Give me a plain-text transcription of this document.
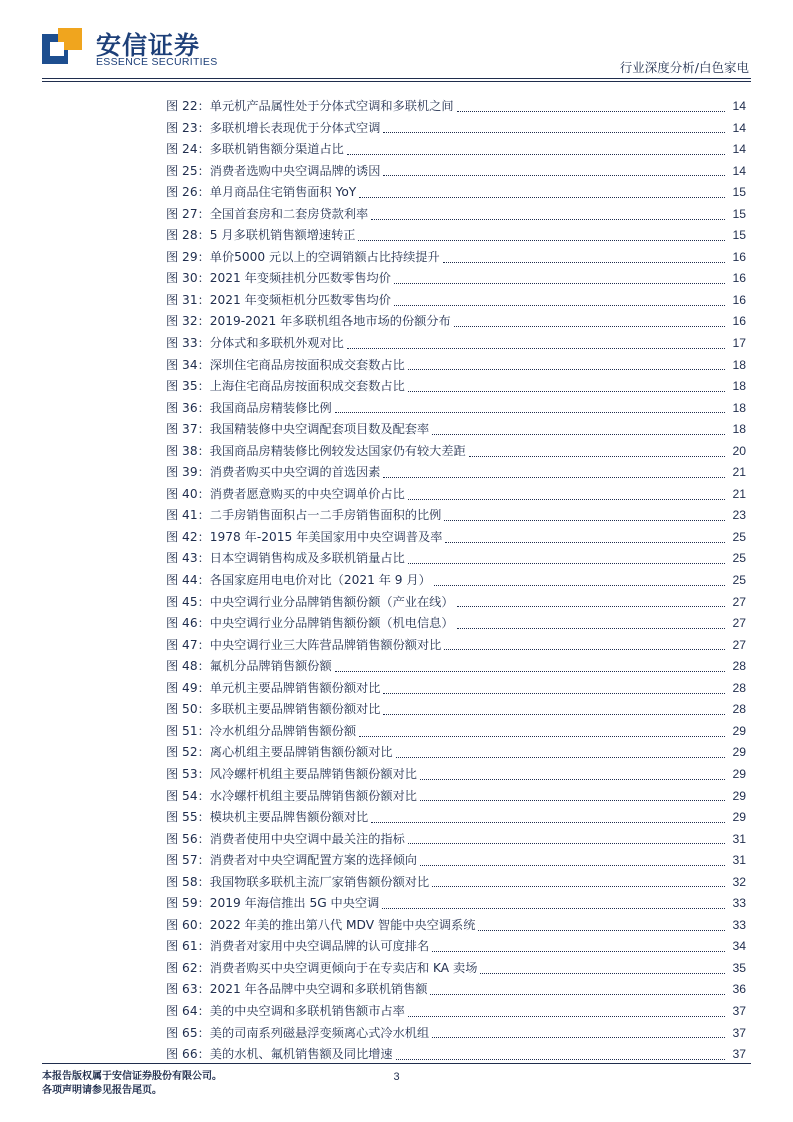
安信证券
ESSENCE SECURITIES	行业深度分析/白色家电
图 22： 单元机产品属性处于分体式空调和多联机之间	14
图 23： 多联机增长表现优于分体式空调	14
图 24： 多联机销售额分渠道占比	14
图 25： 消费者选购中央空调品牌的诱因	14
图 26： 单月商品住宅销售面积 YoY	15
图 27： 全国首套房和二套房贷款利率	15
图 28： 5 月多联机销售额增速转正	15
图 29： 单价5000 元以上的空调销额占比持续提升	16
图 30： 2021 年变频挂机分匹数零售均价	16
图 31： 2021 年变频柜机分匹数零售均价	16
图 32： 2019-2021 年多联机组各地市场的份额分布	16
图 33： 分体式和多联机外观对比	17
图 34： 深圳住宅商品房按面积成交套数占比	18
图 35： 上海住宅商品房按面积成交套数占比	18
图 36： 我国商品房精装修比例	18
图 37： 我国精装修中央空调配套项目数及配套率	18
图 38： 我国商品房精装修比例较发达国家仍有较大差距	20
图 39： 消费者购买中央空调的首选因素	21
图 40： 消费者愿意购买的中央空调单价占比	21
图 41： 二手房销售面积占一二手房销售面积的比例	23
图 42： 1978 年-2015 年美国家用中央空调普及率	25
图 43： 日本空调销售构成及多联机销量占比	25
图 44： 各国家庭用电电价对比（2021 年 9 月）	25
图 45： 中央空调行业分品牌销售额份额（产业在线）	27
图 46： 中央空调行业分品牌销售额份额（机电信息）	27
图 47： 中央空调行业三大阵营品牌销售额份额对比	27
图 48： 氟机分品牌销售额份额	28
图 49： 单元机主要品牌销售额份额对比	28
图 50： 多联机主要品牌销售额份额对比	28
图 51： 冷水机组分品牌销售额份额	29
图 52： 离心机组主要品牌销售额份额对比	29
图 53： 风冷螺杆机组主要品牌销售额份额对比	29
图 54： 水冷螺杆机组主要品牌销售额份额对比	29
图 55： 模块机主要品牌售额份额对比	29
图 56： 消费者使用中央空调中最关注的指标	31
图 57： 消费者对中央空调配置方案的选择倾向	31
图 58： 我国物联多联机主流厂家销售额份额对比	32
图 59： 2019 年海信推出 5G 中央空调	33
图 60： 2022 年美的推出第八代 MDV 智能中央空调系统	33
图 61： 消费者对家用中央空调品牌的认可度排名	34
图 62： 消费者购买中央空调更倾向于在专卖店和 KA 卖场	35
图 63： 2021 年各品牌中央空调和多联机销售额	36
图 64： 美的中央空调和多联机销售额市占率	37
图 65： 美的司南系列磁悬浮变频离心式冷水机组	37
图 66： 美的水机、氟机销售额及同比增速	37
本报告版权属于安信证券股份有限公司。
各项声明请参见报告尾页。
3
